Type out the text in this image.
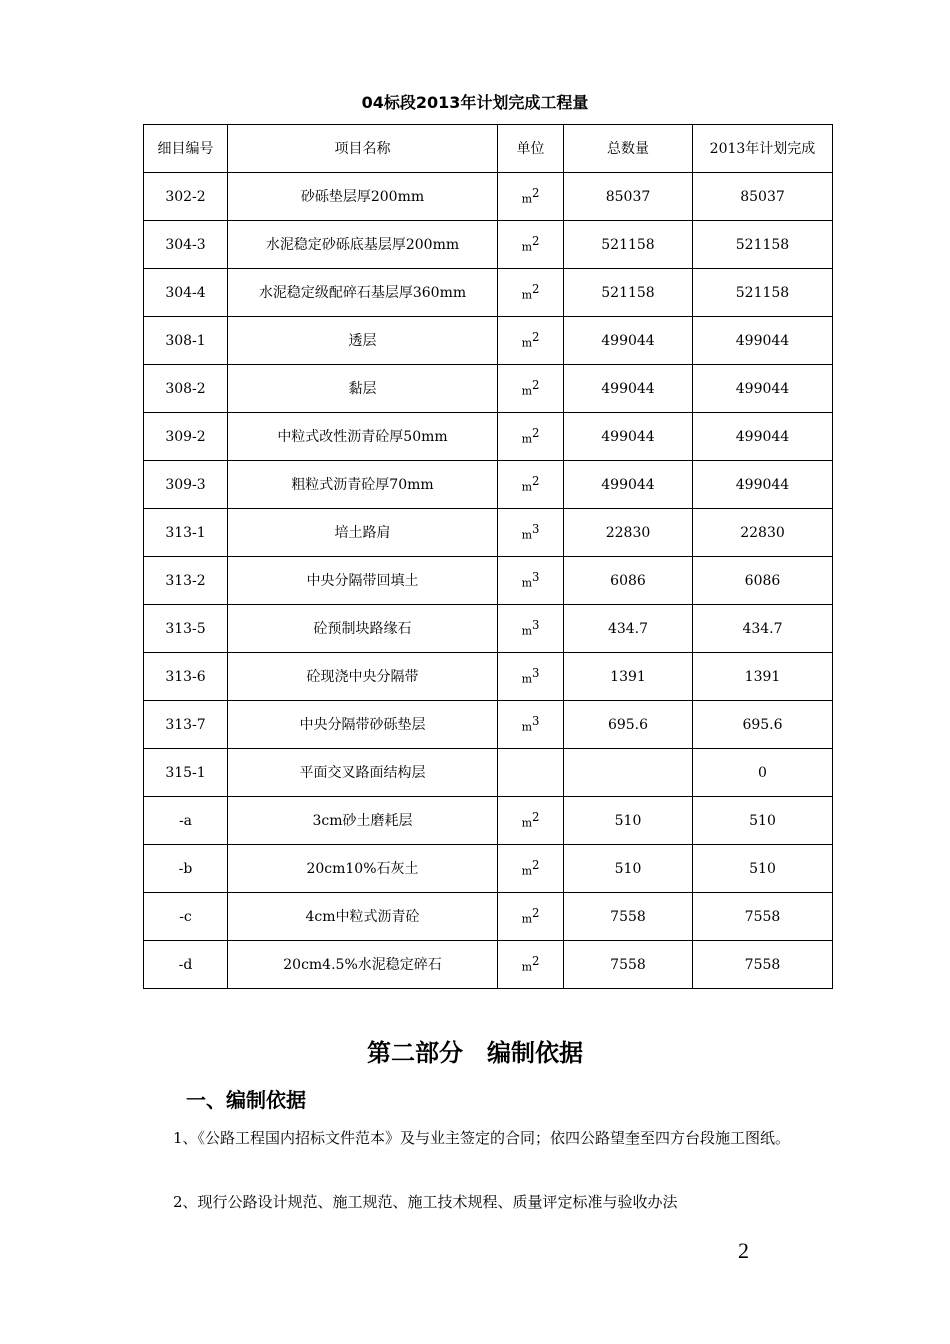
04标段2013年计划完成工程量
细目编号	项目名称	单位	总数量	2013年计划完成
302-2	砂砾垫层厚200mm	$m^2$	85037	85037
304-3	水泥稳定砂砾底基层厚200mm	$m^2$	521158	521158
304-4	水泥稳定级配碎石基层厚360mm	$m^2$	521158	521158
308-1	透层	$m^2$	499044	499044
308-2	黏层	$m^2$	499044	499044
309-2	中粒式改性沥青砼厚50mm	$m^2$	499044	499044
309-3	粗粒式沥青砼厚70mm	$m^2$	499044	499044
313-1	培土路肩	$m^3$	22830	22830
313-2	中央分隔带回填土	$m^3$	6086	6086
313-5	砼预制块路缘石	$m^3$	434.7	434.7
313-6	砼现浇中央分隔带	$m^3$	1391	1391
313-7	中央分隔带砂砾垫层	$m^3$	695.6	695.6
315-1	平面交叉路面结构层			0
-a	3cm砂土磨耗层	$m^2$	510	510
-b	20cm10%石灰土	$m^2$	510	510
-c	4cm中粒式沥青砼	$m^2$	7558	7558
-d	20cm4.5%水泥稳定碎石	$m^2$	7558	7558
第二部分　编制依据
一、编制依据
1、《公路工程国内招标文件范本》及与业主签定的合同；依四公路望奎至四方台段施工图纸。
2、现行公路设计规范、施工规范、施工技术规程、质量评定标准与验收办法
2
